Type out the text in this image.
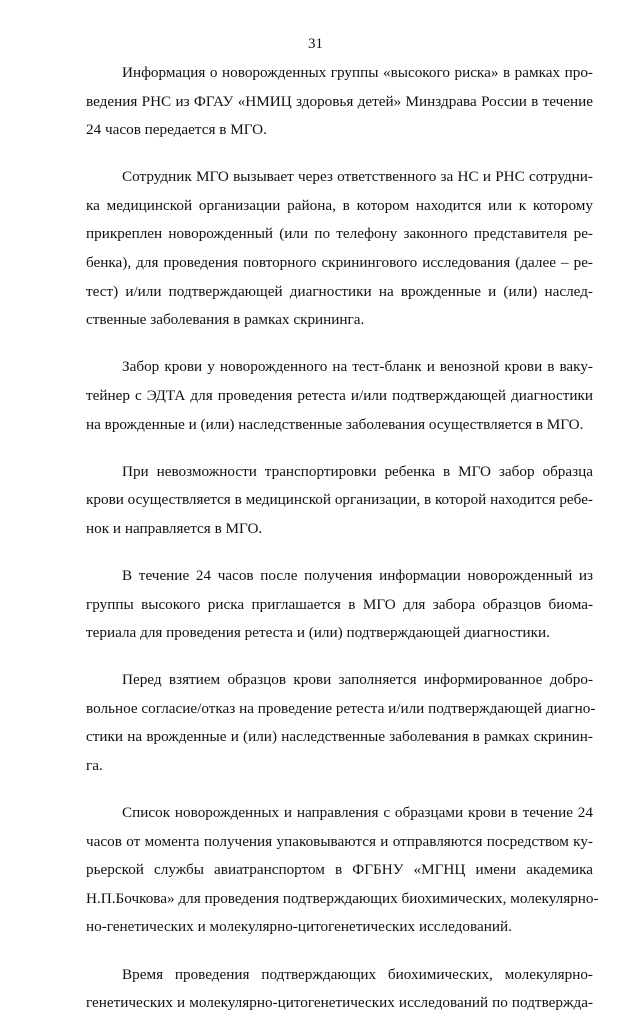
31

Информация о новорожденных группы «высокого риска» в рамках про-
ведения РНС из ФГАУ «НМИЦ здоровья детей» Минздрава России в течение
24 часов передается в МГО.

Сотрудник МГО вызывает через ответственного за НС и РНС сотрудни-
ка медицинской организации района, в котором находится или к которому
прикреплен новорожденный (или по телефону законного представителя ре-
бенка), для проведения повторного скринингового исследования (далее – ре-
тест) и/или подтверждающей диагностики на врожденные и (или) наслед-
ственные заболевания в рамках скрининга.

Забор крови у новорожденного на тест-бланк и венозной крови в ваку-
тейнер с ЭДТА для проведения ретеста и/или подтверждающей диагностики
на врожденные и (или) наследственные заболевания осуществляется в МГО.

При невозможности транспортировки ребенка в МГО забор образца
крови осуществляется в медицинской организации, в которой находится ребе-
нок и направляется в МГО.

В течение 24 часов после получения информации новорожденный из
группы высокого риска приглашается в МГО для забора образцов биома-
териала для проведения ретеста и (или) подтверждающей диагностики.

Перед взятием образцов крови заполняется информированное добро-
вольное согласие/отказ на проведение ретеста и/или подтверждающей диагно-
стики на врожденные и (или) наследственные заболевания в рамках скринин-
га.

Список новорожденных и направления с образцами крови в течение 24
часов от момента получения упаковываются и отправляются посредством ку-
рьерской службы авиатранспортом в ФГБНУ «МГНЦ имени академика
Н.П.Бочкова» для проведения подтверждающих биохимических, молекулярно-
но-генетических и молекулярно-цитогенетических исследований.

Время проведения подтверждающих биохимических, молекулярно-
генетических и молекулярно-цитогенетических исследований по подтвержда-
